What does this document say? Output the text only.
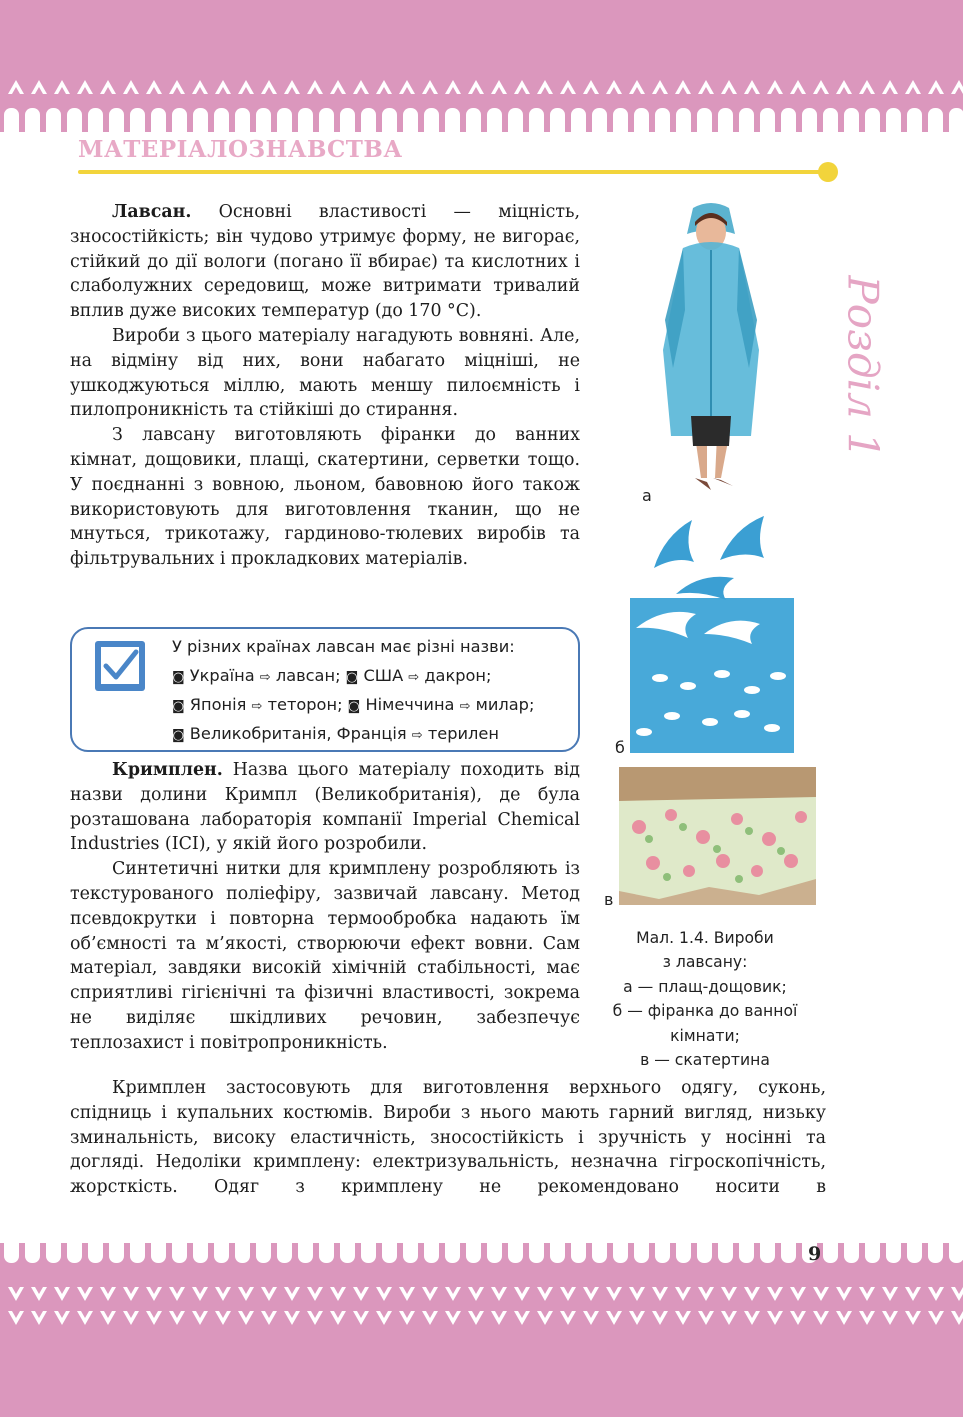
МАТЕРІАЛОЗНАВСТВА
Розділ 1

Лавсан. Основні властивості — міцність, зносостійкість; він чудово утримує форму, не вигорає, стійкий до дії вологи (погано її вбирає) та кислотних і слаболужних середовищ, може витримати тривалий вплив дуже високих температур (до 170 °С).

Вироби з цього матеріалу нагадують вовняні. Але, на відміну від них, вони набагато міцніші, не ушкоджуються міллю, мають меншу пилоємність і пилопроникність та стійкіші до стирання.

З лавсану виготовляють фіранки до ванних кімнат, дощовики, плащі, скатертини, серветки тощо. У поєднанні з вовною, льоном, бавовною його також використовують для виготовлення тканин, що не мнуться, трикотажу, гардиново-тюлевих виробів та фільтрувальних і прокладкових матеріалів.

У різних країнах лавсан має різні назви:
◙ Україна ⇨ лавсан; ◙ США ⇨ дакрон;
◙ Японія ⇨ теторон; ◙ Німеччина ⇨ милар;
◙ Великобританія, Франція ⇨ терилен

Кримплен. Назва цього матеріалу походить від назви долини Кримпл (Великобританія), де була розташована лабораторія компанії Imperial Chemical Industries (ICI), у якій його розробили.

Синтетичні нитки для кримплену розробляють із текстурованого поліефіру, зазвичай лавсану. Метод псевдокрутки і повторна термообробка надають їм об’ємності та м’якості, створюючи ефект вовни. Сам матеріал, завдяки високій хімічній стабільності, має сприятливі гігієнічні та фізичні властивості, зокрема не виділяє шкідливих речовин, забезпечує теплозахист і повітропроникність.

Кримплен застосовують для виготовлення верхнього одягу, суконь, спідниць і купальних костюмів. Вироби з нього мають гарний вигляд, низьку зминальність, високу еластичність, зносостійкість і зручність у носінні та догляді. Недоліки кримплену: електризувальність, незначна гігроскопічність, жорсткість. Одяг з кримплену не рекомендовано носити в

а
б
в
Мал. 1.4. Вироби
з лавсану:
а — плащ-дощовик;
б — фіранка до ванної
кімнати;
в — скатертина
9
